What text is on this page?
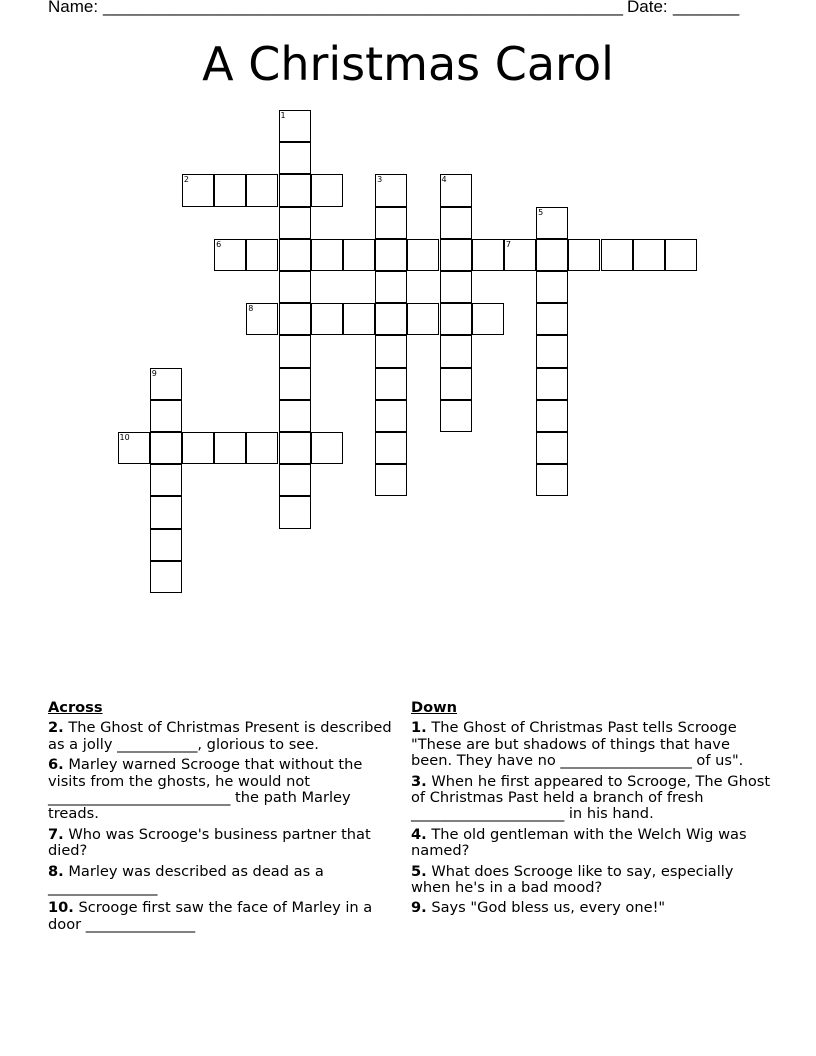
Name: _______________________________________________________ Date: _______
A Christmas Carol
1
2	3	4
5
6	7
8
9
10
Across
2. The Ghost of Christmas Present is described as a jolly ___________, glorious to see.
6. Marley warned Scrooge that without the visits from the ghosts, he would not _________________________ the path Marley treads.
7. Who was Scrooge's business partner that died?
8. Marley was described as dead as a _______________
10. Scrooge first saw the face of Marley in a door _______________
Down
1. The Ghost of Christmas Past tells Scrooge "These are but shadows of things that have been. They have no __________________ of us".
3. When he first appeared to Scrooge, The Ghost of Christmas Past held a branch of fresh _____________________ in his hand.
4. The old gentleman with the Welch Wig was named?
5. What does Scrooge like to say, especially when he's in a bad mood?
9. Says "God bless us, every one!"
